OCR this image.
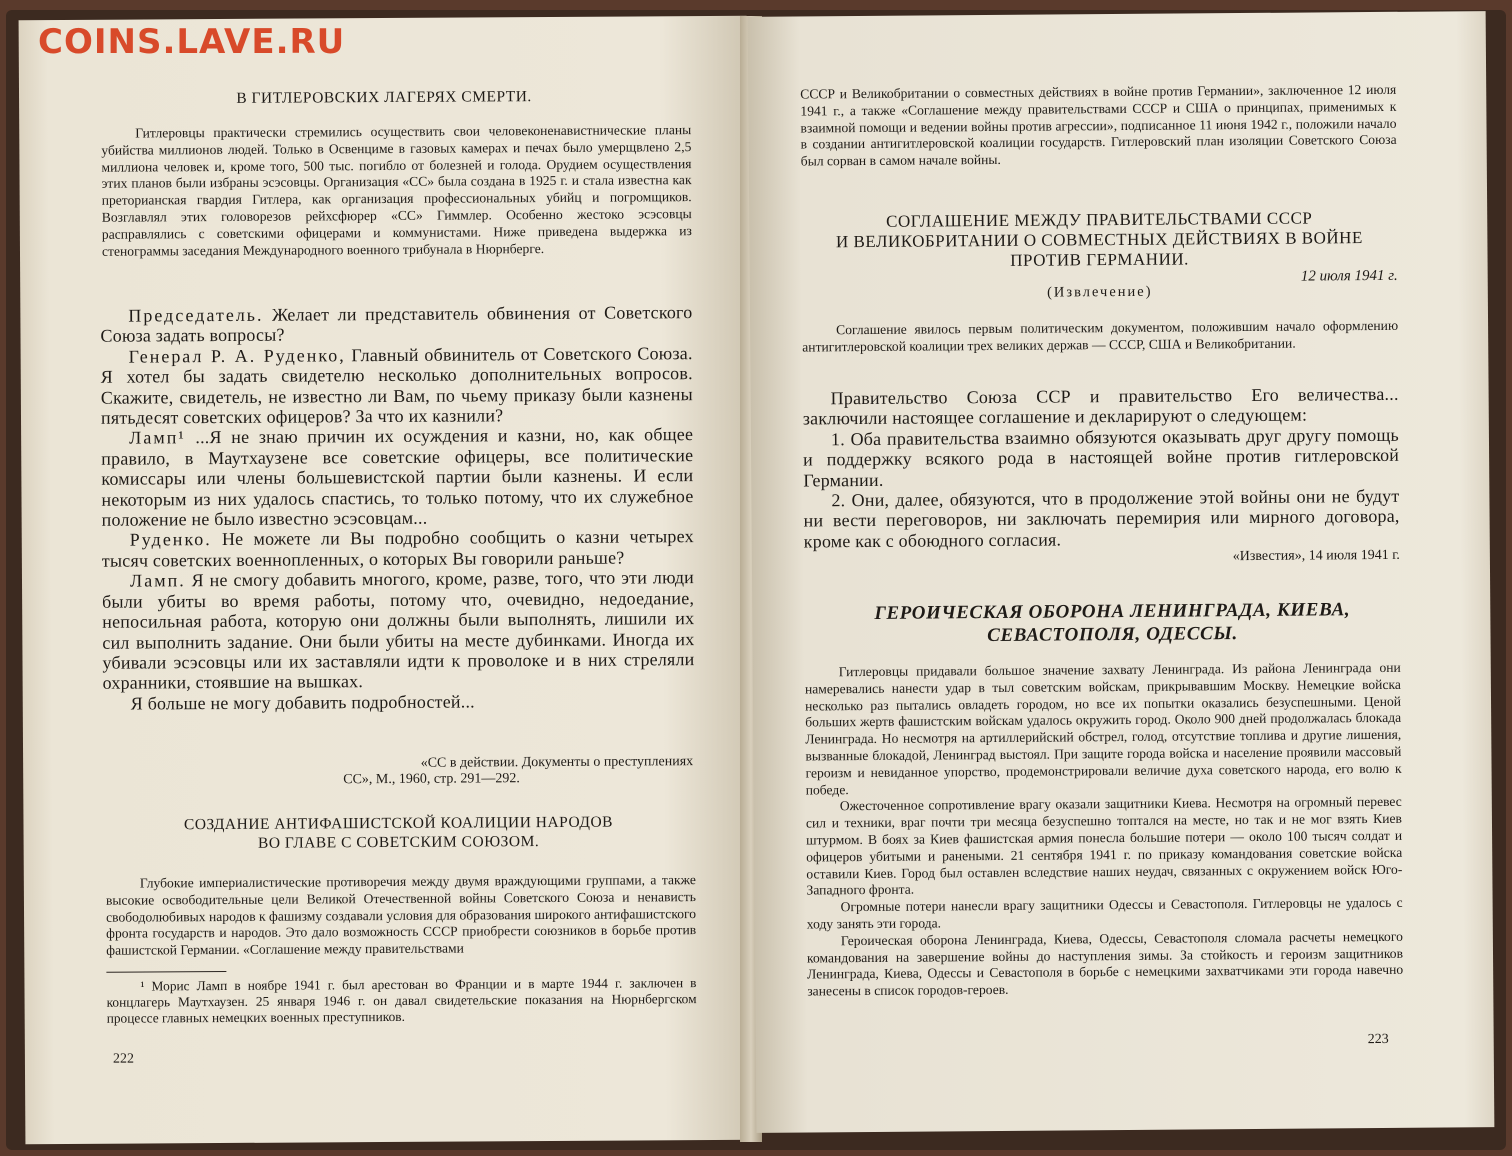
В ГИТЛЕРОВСКИХ ЛАГЕРЯХ СМЕРТИ.

Гитлеровцы практически стремились осуществить свои человеконенавистнические планы убийства миллионов людей. Только в Освенциме в газовых камерах и печах было умерщвлено 2,5 миллиона человек и, кроме того, 500 тыс. погибло от болезней и голода. Орудием осуществления этих планов были избраны эсэсовцы. Организация «СС» была создана в 1925 г. и стала известна как преторианская гвардия Гитлера, как организация профессиональных убийц и погромщиков. Возглавлял этих головорезов рейхсфюрер «СС» Гиммлер. Особенно жестоко эсэсовцы расправлялись с советскими офицерами и коммунистами. Ниже приведена выдержка из стенограммы заседания Международного военного трибунала в Нюрнберге.

Председатель. Желает ли представитель обвинения от Советского Союза задать вопросы?

Генерал Р. А. Руденко, Главный обвинитель от Советского Союза. Я хотел бы задать свидетелю несколько дополнительных вопросов. Скажите, свидетель, не известно ли Вам, по чьему приказу были казнены пятьдесят советских офицеров? За что их казнили?

Ламп¹ ...Я не знаю причин их осуждения и казни, но, как общее правило, в Маутхаузене все советские офицеры, все политические комиссары или члены большевистской партии были казнены. И если некоторым из них удалось спастись, то только потому, что их служебное положение не было известно эсэсовцам...

Руденко. Не можете ли Вы подробно сообщить о казни четырех тысяч советских военнопленных, о которых Вы говорили раньше?

Ламп. Я не смогу добавить многого, кроме, разве, того, что эти люди были убиты во время работы, потому что, очевидно, недоедание, непосильная работа, которую они должны были выполнять, лишили их сил выполнить задание. Они были убиты на месте дубинками. Иногда их убивали эсэсовцы или их заставляли идти к проволоке и в них стреляли охранники, стоявшие на вышках.

Я больше не могу добавить подробностей...

«СС в действии. Документы о преступлениях

СС», М., 1960, стр. 291—292.

СОЗДАНИЕ АНТИФАШИСТСКОЙ КОАЛИЦИИ НАРОДОВ

ВО ГЛАВЕ С СОВЕТСКИМ СОЮЗОМ.

Глубокие империалистические противоречия между двумя враждующими группами, а также высокие освободительные цели Великой Отечественной войны Советского Союза и ненависть свободолюбивых народов к фашизму создавали условия для образования широкого антифашистского фронта государств и народов. Это дало возможность СССР приобрести союзников в борьбе против фашистской Германии. «Соглашение между правительствами

¹ Морис Ламп в ноябре 1941 г. был арестован во Франции и в марте 1944 г. заключен в концлагерь Маутхаузен. 25 января 1946 г. он давал свидетельские показания на Нюрнбергском процессе главных немецких военных преступников.

222

СССР и Великобритании о совместных действиях в войне против Германии», заключенное 12 июля 1941 г., а также «Соглашение между правительствами СССР и США о принципах, применимых к взаимной помощи и ведении войны против агрессии», подписанное 11 июня 1942 г., положили начало в создании антигитлеровской коалиции государств. Гитлеровский план изоляции Советского Союза был сорван в самом начале войны.

СОГЛАШЕНИЕ МЕЖДУ ПРАВИТЕЛЬСТВАМИ СССР

И ВЕЛИКОБРИТАНИИ О СОВМЕСТНЫХ ДЕЙСТВИЯХ В ВОЙНЕ

ПРОТИВ ГЕРМАНИИ.

12 июля 1941 г.
(Извлечение)

Соглашение явилось первым политическим документом, положившим начало оформлению антигитлеровской коалиции трех великих держав — СССР, США и Великобритании.

Правительство Союза ССР и правительство Его величества... заключили настоящее соглашение и декларируют о следующем:

1. Оба правительства взаимно обязуются оказывать друг другу помощь и поддержку всякого рода в настоящей войне против гитлеровской Германии.

2. Они, далее, обязуются, что в продолжение этой войны они не будут ни вести переговоров, ни заключать перемирия или мирного договора, кроме как с обоюдного согласия.

«Известия», 14 июля 1941 г.

ГЕРОИЧЕСКАЯ ОБОРОНА ЛЕНИНГРАДА, КИЕВА,

СЕВАСТОПОЛЯ, ОДЕССЫ.

Гитлеровцы придавали большое значение захвату Ленинграда. Из района Ленинграда они намеревались нанести удар в тыл советским войскам, прикрывавшим Москву. Немецкие войска несколько раз пытались овладеть городом, но все их попытки оказались безуспешными. Ценой больших жертв фашистским войскам удалось окружить город. Около 900 дней продолжалась блокада Ленинграда. Но несмотря на артиллерийский обстрел, голод, отсутствие топлива и другие лишения, вызванные блокадой, Ленинград выстоял. При защите города войска и население проявили массовый героизм и невиданное упорство, продемонстрировали величие духа советского народа, его волю к победе.

Ожесточенное сопротивление врагу оказали защитники Киева. Несмотря на огромный перевес сил и техники, враг почти три месяца безуспешно топтался на месте, но так и не мог взять Киев штурмом. В боях за Киев фашистская армия понесла большие потери — около 100 тысяч солдат и офицеров убитыми и ранеными. 21 сентября 1941 г. по приказу командования советские войска оставили Киев. Город был оставлен вследствие наших неудач, связанных с окружением войск Юго-Западного фронта.

Огромные потери нанесли врагу защитники Одессы и Севастополя. Гитлеровцы не удалось с ходу занять эти города.

Героическая оборона Ленинграда, Киева, Одессы, Севастополя сломала расчеты немецкого командования на завершение войны до наступления зимы. За стойкость и героизм защитников Ленинграда, Киева, Одессы и Севастополя в борьбе с немецкими захватчиками эти города навечно занесены в список городов-героев.

223
COINS.LAVE.RU
